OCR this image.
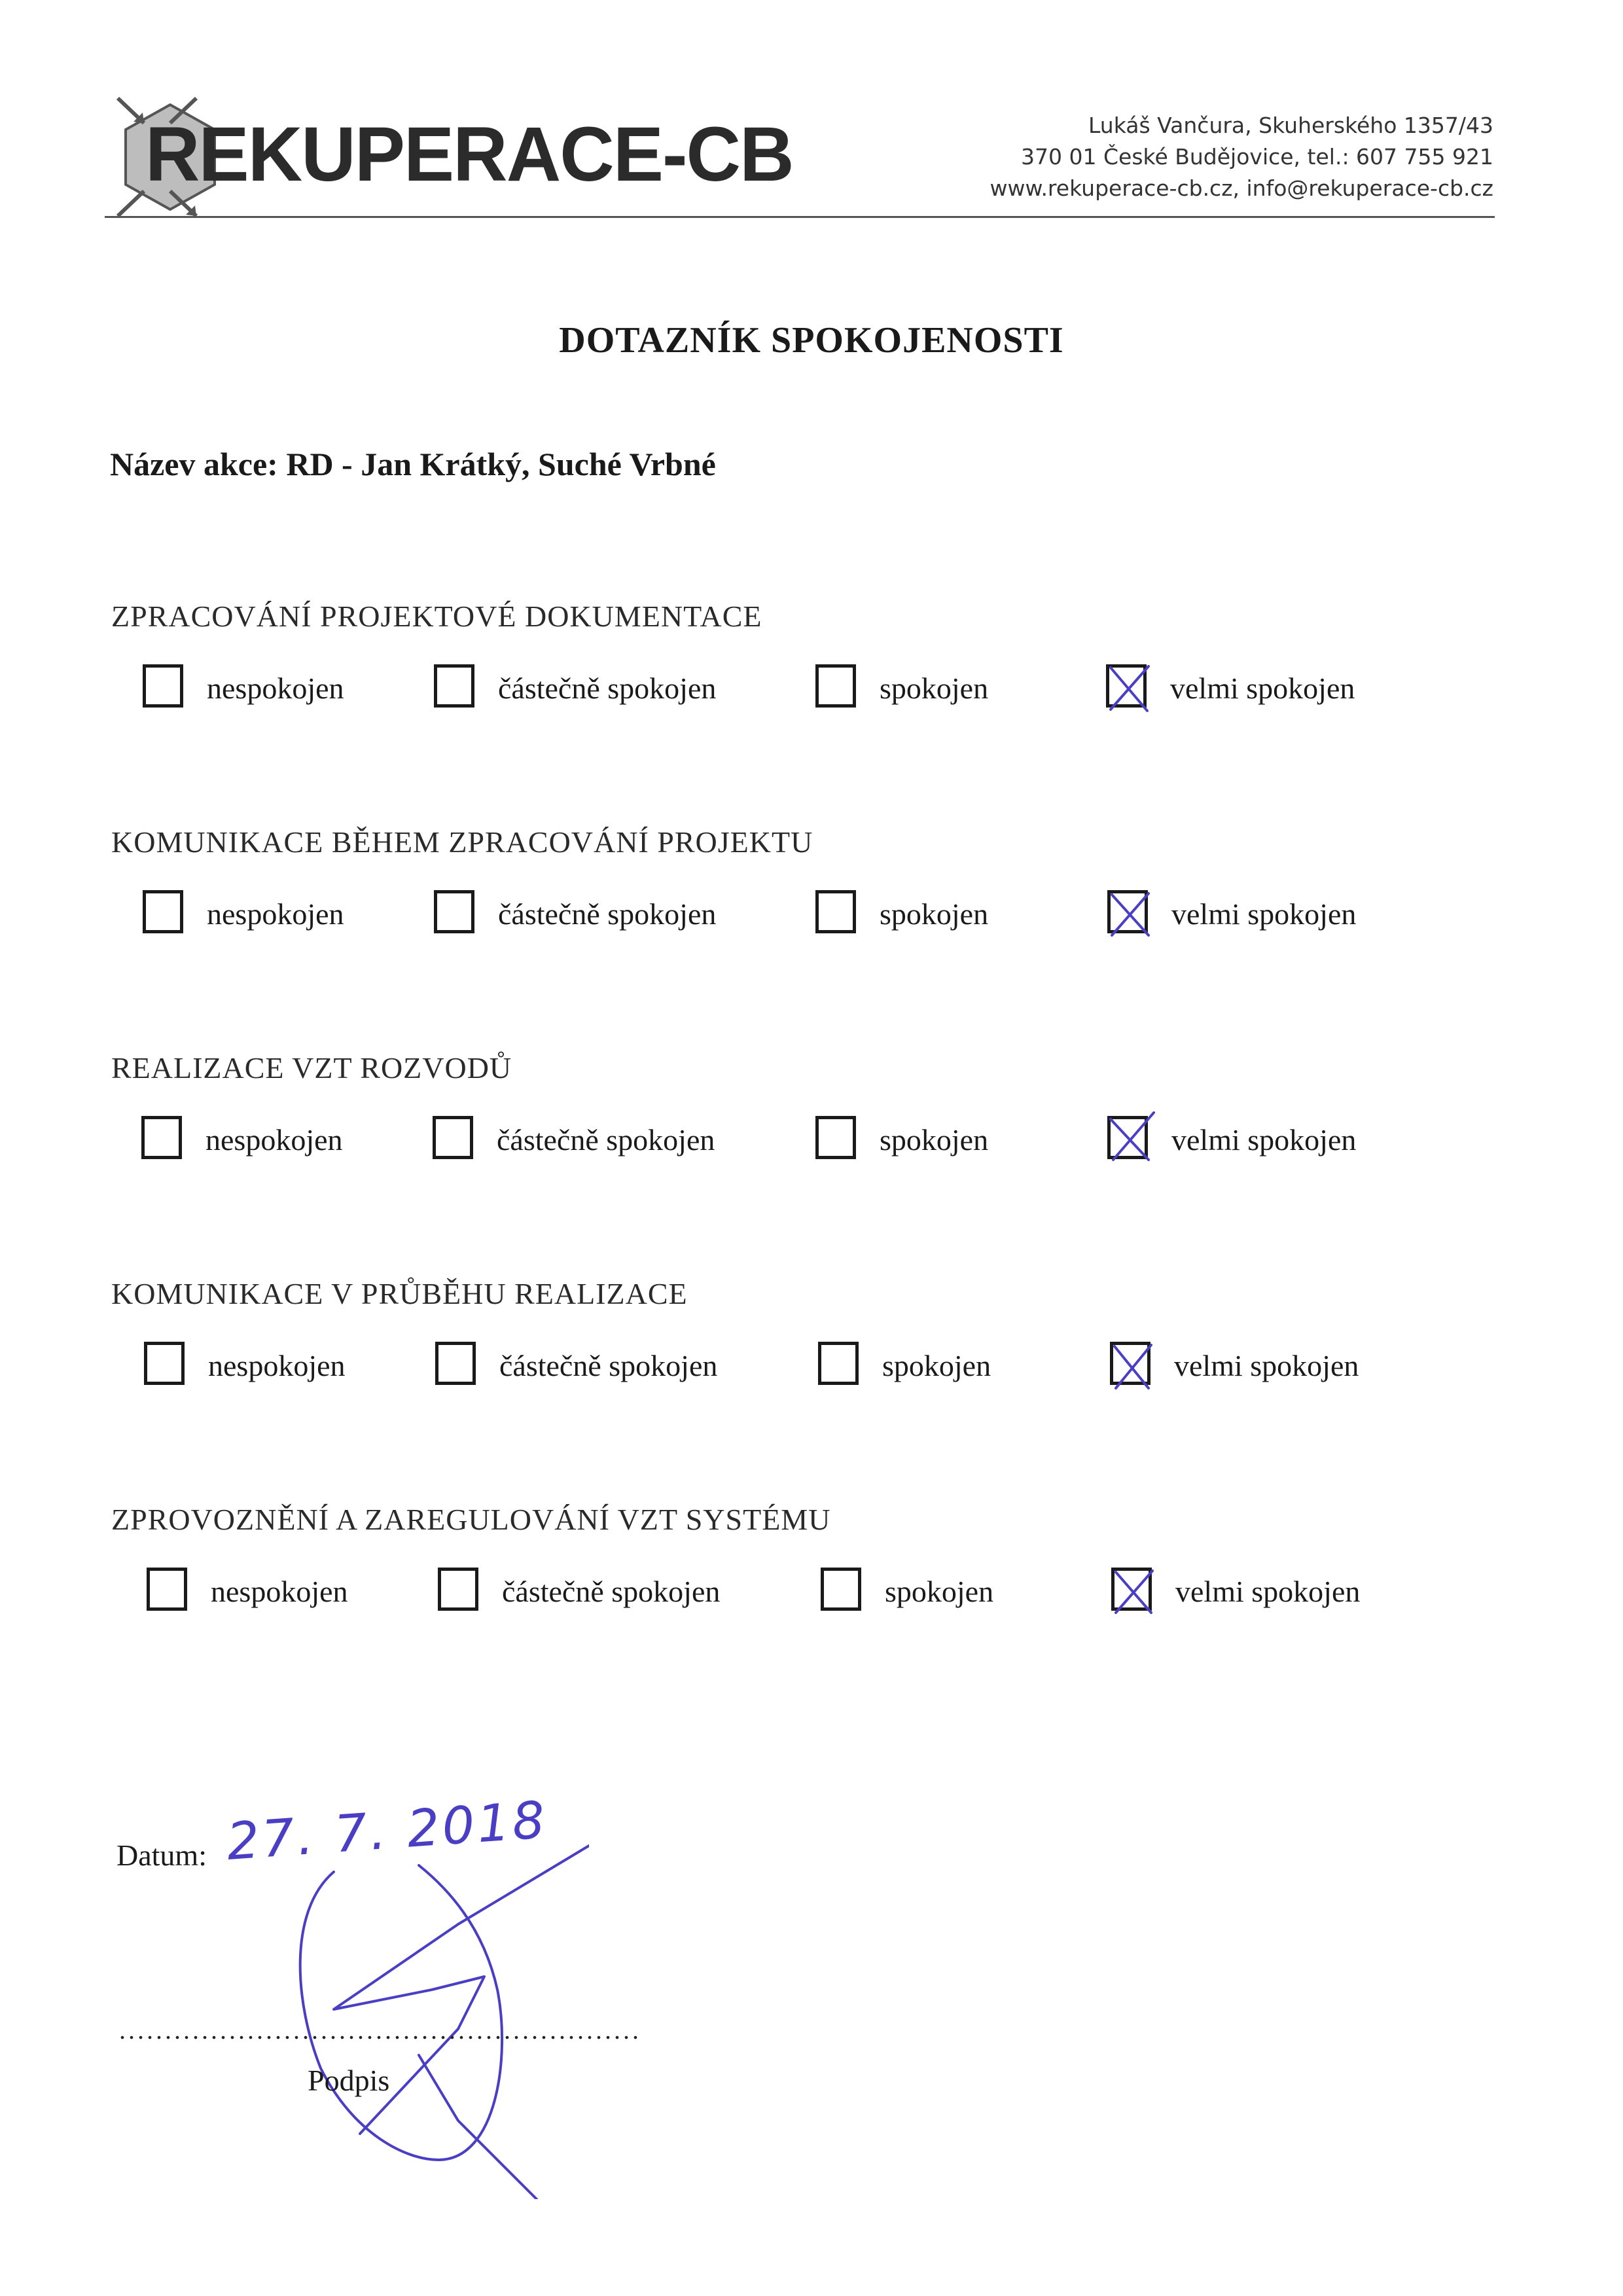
REKUPERACE-CB	Lukáš Vančura, Skuherského 1357/43
370 01 České Budějovice, tel.: 607 755 921
www.rekuperace-cb.cz, info@rekuperace-cb.cz
DOTAZNÍK SPOKOJENOSTI
Název akce: RD - Jan Krátký, Suché Vrbné
ZPRACOVÁNÍ PROJEKTOVÉ DOKUMENTACE
nespokojen	částečně spokojen	spokojen	velmi spokojen
KOMUNIKACE BĚHEM ZPRACOVÁNÍ PROJEKTU
nespokojen	částečně spokojen	spokojen	velmi spokojen
REALIZACE VZT ROZVODŮ
nespokojen	částečně spokojen	spokojen	velmi spokojen
KOMUNIKACE V PRŮBĚHU REALIZACE
nespokojen	částečně spokojen	spokojen	velmi spokojen
ZPROVOZNĚNÍ A ZAREGULOVÁNÍ VZT SYSTÉMU
nespokojen	částečně spokojen	spokojen	velmi spokojen
Datum: 27. 7. 2018
Podpis
